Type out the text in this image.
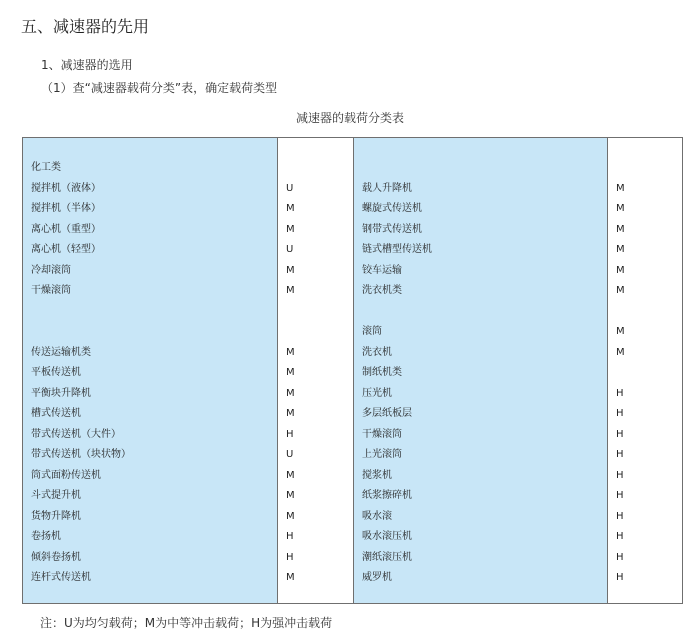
五、减速器的先用
1、减速器的选用
（1）查“减速器载荷分类”表，确定载荷类型
减速器的载荷分类表
化工类
搅拌机（液体）
搅拌机（半体）
离心机（重型）
离心机（轻型）
冷却滚筒
干燥滚筒
传送运输机类
平板传送机
平衡块升降机
槽式传送机
带式传送机（大件）
带式传送机（块状物）
筒式面粉传送机
斗式提升机
货物升降机
卷扬机
倾斜卷扬机
连杆式传送机
U
M
M
U
M
M
M
M
M
M
H
U
M
M
M
H
H
M
载人升降机
螺旋式传送机
钢带式传送机
链式槽型传送机
铰车运输
洗衣机类
滚筒
洗衣机
制纸机类
压光机
多层纸板层
干燥滚筒
上光滚筒
搅浆机
纸浆擦碎机
吸水滚
吸水滚压机
潮纸滚压机
威罗机
M
M
M
M
M
M
M
M
H
H
H
H
H
H
H
H
H
H
注：U为均匀载荷；M为中等冲击载荷；H为强冲击载荷
